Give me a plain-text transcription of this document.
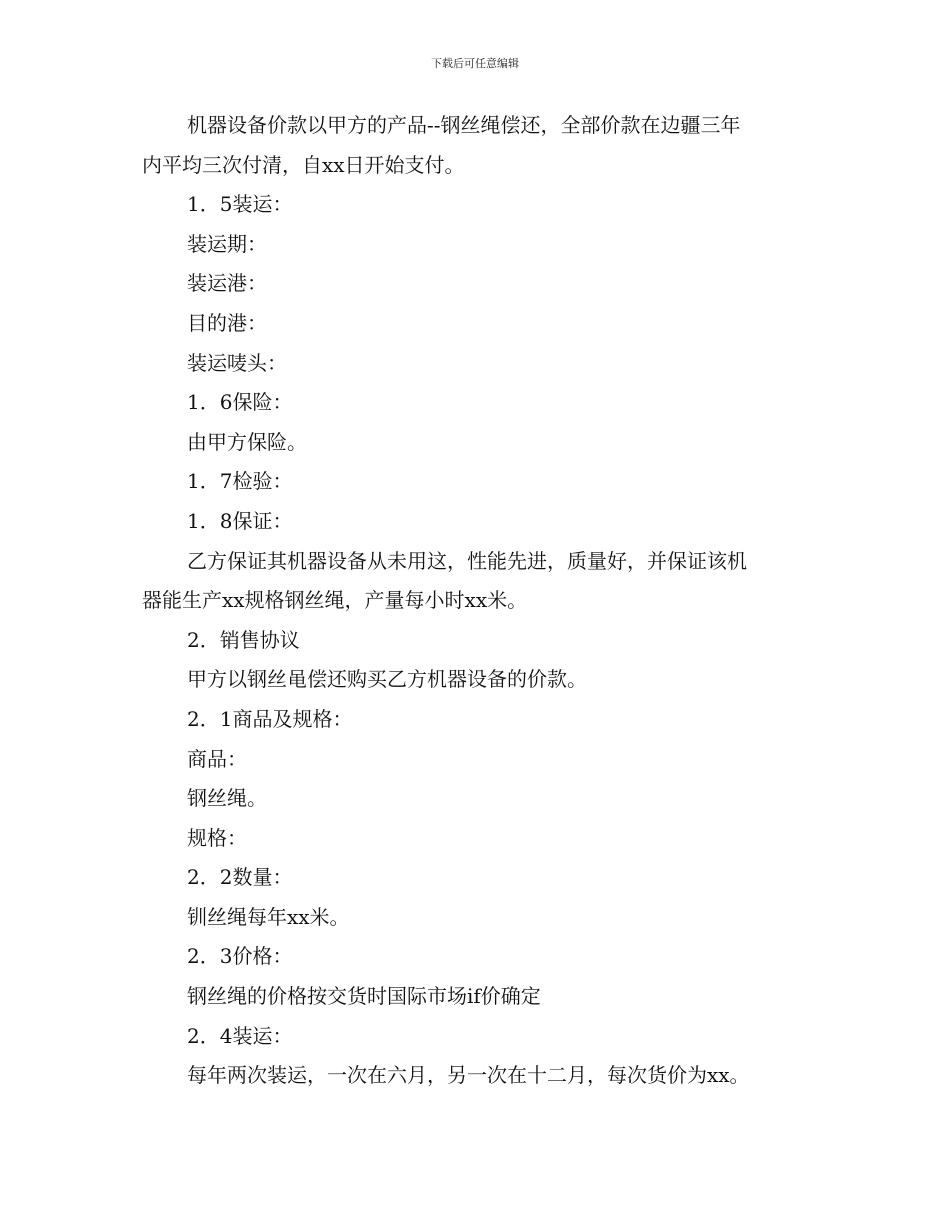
下载后可任意编辑
机器设备价款以甲方的产品--钢丝绳偿还，全部价款在边疆三年
内平均三次付清，自xx日开始支付。
1．5装运：
装运期：
装运港：
目的港：
装运唛头：
1．6保险：
由甲方保险。
1．7检验：
1．8保证：
乙方保证其机器设备从未用这，性能先进，质量好，并保证该机
器能生产xx规格钢丝绳，产量每小时xx米。
2．销售协议
甲方以钢丝黾偿还购买乙方机器设备的价款。
2．1商品及规格：
商品：
钢丝绳。
规格：
2．2数量：
钏丝绳每年xx米。
2．3价格：
钢丝绳的价格按交货时国际市场if价确定
2．4装运：
每年两次装运，一次在六月，另一次在十二月，每次货价为xx。
